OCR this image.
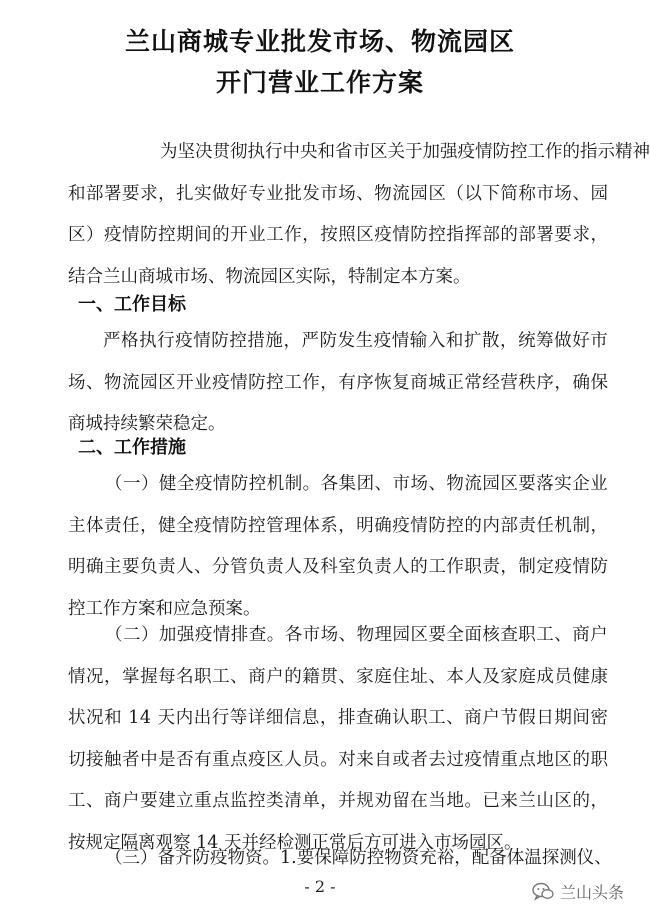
兰山商城专业批发市场、物流园区
开门营业工作方案
为 坚 决 贯 彻 执 行 中 央 和 省 市 区 关 于 加 强 疫 情 防 控 工 作 的 指 示 精 神
和 部 署 要 求 ， 扎 实 做 好 专 业 批 发 市 场 、 物 流 园 区 （ 以 下 简 称 市 场 、 园
区 ） 疫 情 防 控 期 间 的 开 业 工 作 ， 按 照 区 疫 情 防 控 指 挥 部 的 部 署 要 求 ，
结 合 兰 山 商 城 市 场 、 物 流 园 区 实 际 ， 特 制 定 本 方 案 。
一、工作目标
严 格 执 行 疫 情 防 控 措 施 ， 严 防 发 生 疫 情 输 入 和 扩 散 ， 统 筹 做 好 市
场 、 物 流 园 区 开 业 疫 情 防 控 工 作 ， 有 序 恢 复 商 城 正 常 经 营 秩 序 ， 确 保
商 城 持 续 繁 荣 稳 定 。
二、工作措施
（ 一 ） 健 全 疫 情 防 控 机 制 。 各 集 团 、 市 场 、 物 流 园 区 要 落 实 企 业
主 体 责 任 ， 健 全 疫 情 防 控 管 理 体 系 ， 明 确 疫 情 防 控 的 内 部 责 任 机 制 ，
明 确 主 要 负 责 人 、 分 管 负 责 人 及 科 室 负 责 人 的 工 作 职 责 ， 制 定 疫 情 防
控 工 作 方 案 和 应 急 预 案 。
（ 二 ） 加 强 疫 情 排 查 。 各 市 场 、 物 理 园 区 要 全 面 核 查 职 工 、 商 户
情 况 ， 掌 握 每 名 职 工 、 商 户 的 籍 贯 、 家 庭 住 址 、 本 人 及 家 庭 成 员 健 康
状 况 和
1 4
天 内 出 行 等 详 细 信 息 ， 排 查 确 认 职 工 、 商 户 节 假 日 期 间 密
切 接 触 者 中 是 否 有 重 点 疫 区 人 员 。 对 来 自 或 者 去 过 疫 情 重 点 地 区 的 职
工 、 商 户 要 建 立 重 点 监 控 类 清 单 ， 并 规 劝 留 在 当 地 。 已 来 兰 山 区 的 ，
按 规 定 隔 离 观 察
1 4
天 并 经 检 测 正 常 后 方 可 进 入 市 场 园 区 。
（ 三 ） 备 齐 防 疫 物 资 。 1 . 要 保 障 防 控 物 资 充 裕 ， 配 备 体 温 探 测 仪 、
- 2 -	兰山头条
